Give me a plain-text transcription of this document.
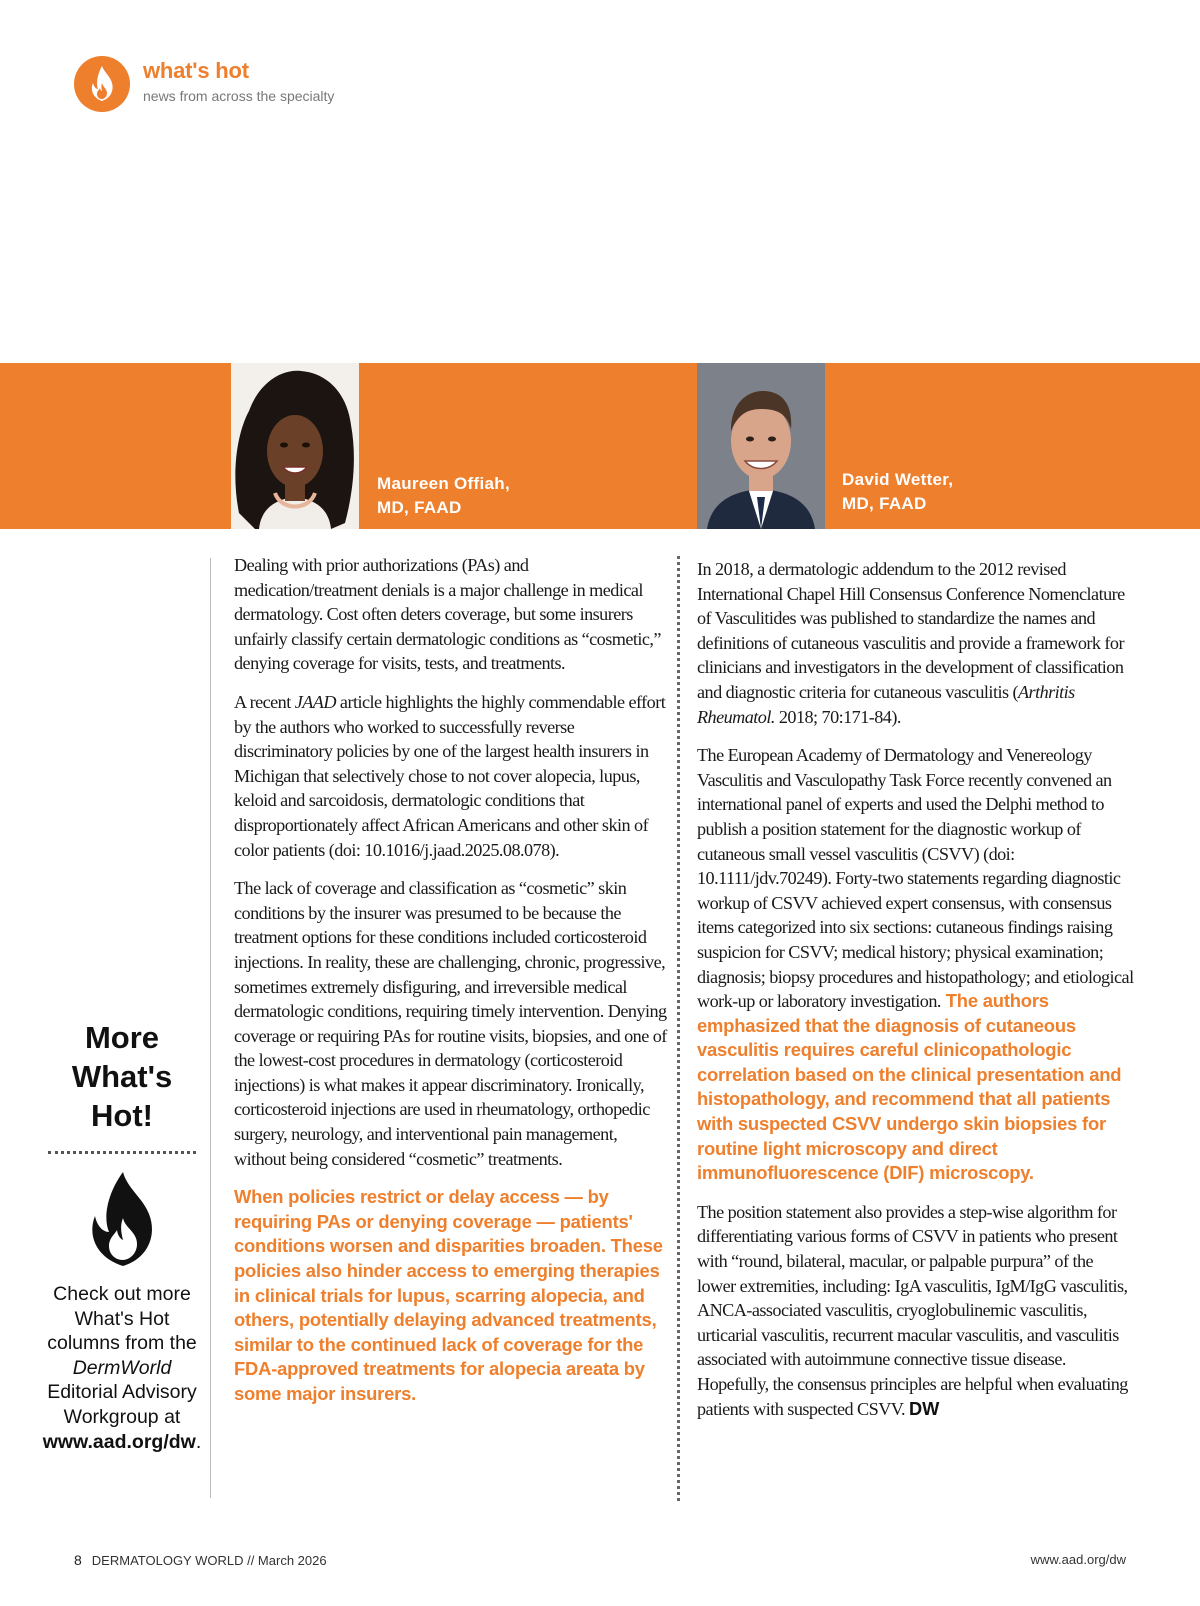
what's hot
news from across the specialty
Maureen Offiah,
MD, FAAD
David Wetter,
MD, FAAD
More
What's
Hot!
Check out more What's Hot columns from the DermWorld Editorial Advisory Workgroup at www.aad.org/dw.

Dealing with prior authorizations (PAs) and medication/treatment denials is a major challenge in medical dermatology. Cost often deters coverage, but some insurers unfairly classify certain dermatologic conditions as “cosmetic,” denying coverage for visits, tests, and treatments.

A recent JAAD article highlights the highly commendable effort by the authors who worked to successfully reverse discriminatory policies by one of the largest health insurers in Michigan that selectively chose to not cover alopecia, lupus, keloid and sarcoidosis, dermatologic conditions that disproportionately affect African Americans and other skin of color patients (doi: 10.1016/j.jaad.2025.08.078).

The lack of coverage and classification as “cosmetic” skin conditions by the insurer was presumed to be because the treatment options for these conditions included corticosteroid injections. In reality, these are challenging, chronic, progressive, sometimes extremely disfiguring, and irreversible medical dermatologic conditions, requiring timely intervention. Denying coverage or requiring PAs for routine visits, biopsies, and one of the lowest-cost procedures in dermatology (corticosteroid injections) is what makes it appear discriminatory. Ironically, corticosteroid injections are used in rheumatology, orthopedic surgery, neurology, and interventional pain management, without being considered “cosmetic” treatments.

When policies restrict or delay access — by requiring PAs or denying coverage — patients' conditions worsen and disparities broaden. These policies also hinder access to emerging therapies in clinical trials for lupus, scarring alopecia, and others, potentially delaying advanced treatments, similar to the continued lack of coverage for the FDA-approved treatments for alopecia areata by some major insurers.

In 2018, a dermatologic addendum to the 2012 revised International Chapel Hill Consensus Conference Nomenclature of Vasculitides was published to standardize the names and definitions of cutaneous vasculitis and provide a framework for clinicians and investigators in the development of classification and diagnostic criteria for cutaneous vasculitis (Arthritis Rheumatol. 2018; 70:171-84).

The European Academy of Dermatology and Venereology Vasculitis and Vasculopathy Task Force recently convened an international panel of experts and used the Delphi method to publish a position statement for the diagnostic workup of cutaneous small vessel vasculitis (CSVV) (doi: 10.1111/jdv.70249). Forty-two statements regarding diagnostic workup of CSVV achieved expert consensus, with consensus items categorized into six sections: cutaneous findings raising suspicion for CSVV; medical history; physical examination; diagnosis; biopsy procedures and histopathology; and etiological work-up or laboratory investigation. The authors emphasized that the diagnosis of cutaneous vasculitis requires careful clinicopathologic correlation based on the clinical presentation and histopathology, and recommend that all patients with suspected CSVV undergo skin biopsies for routine light microscopy and direct immunofluorescence (DIF) microscopy.

The position statement also provides a step-wise algorithm for differentiating various forms of CSVV in patients who present with “round, bilateral, macular, or palpable purpura” of the lower extremities, including: IgA vasculitis, IgM/IgG vasculitis, ANCA-associated vasculitis, cryoglobulinemic vasculitis, urticarial vasculitis, recurrent macular vasculitis, and vasculitis associated with autoimmune connective tissue disease. Hopefully, the consensus principles are helpful when evaluating patients with suspected CSVV. DW

8 DERMATOLOGY WORLD // March 2026	www.aad.org/dw
